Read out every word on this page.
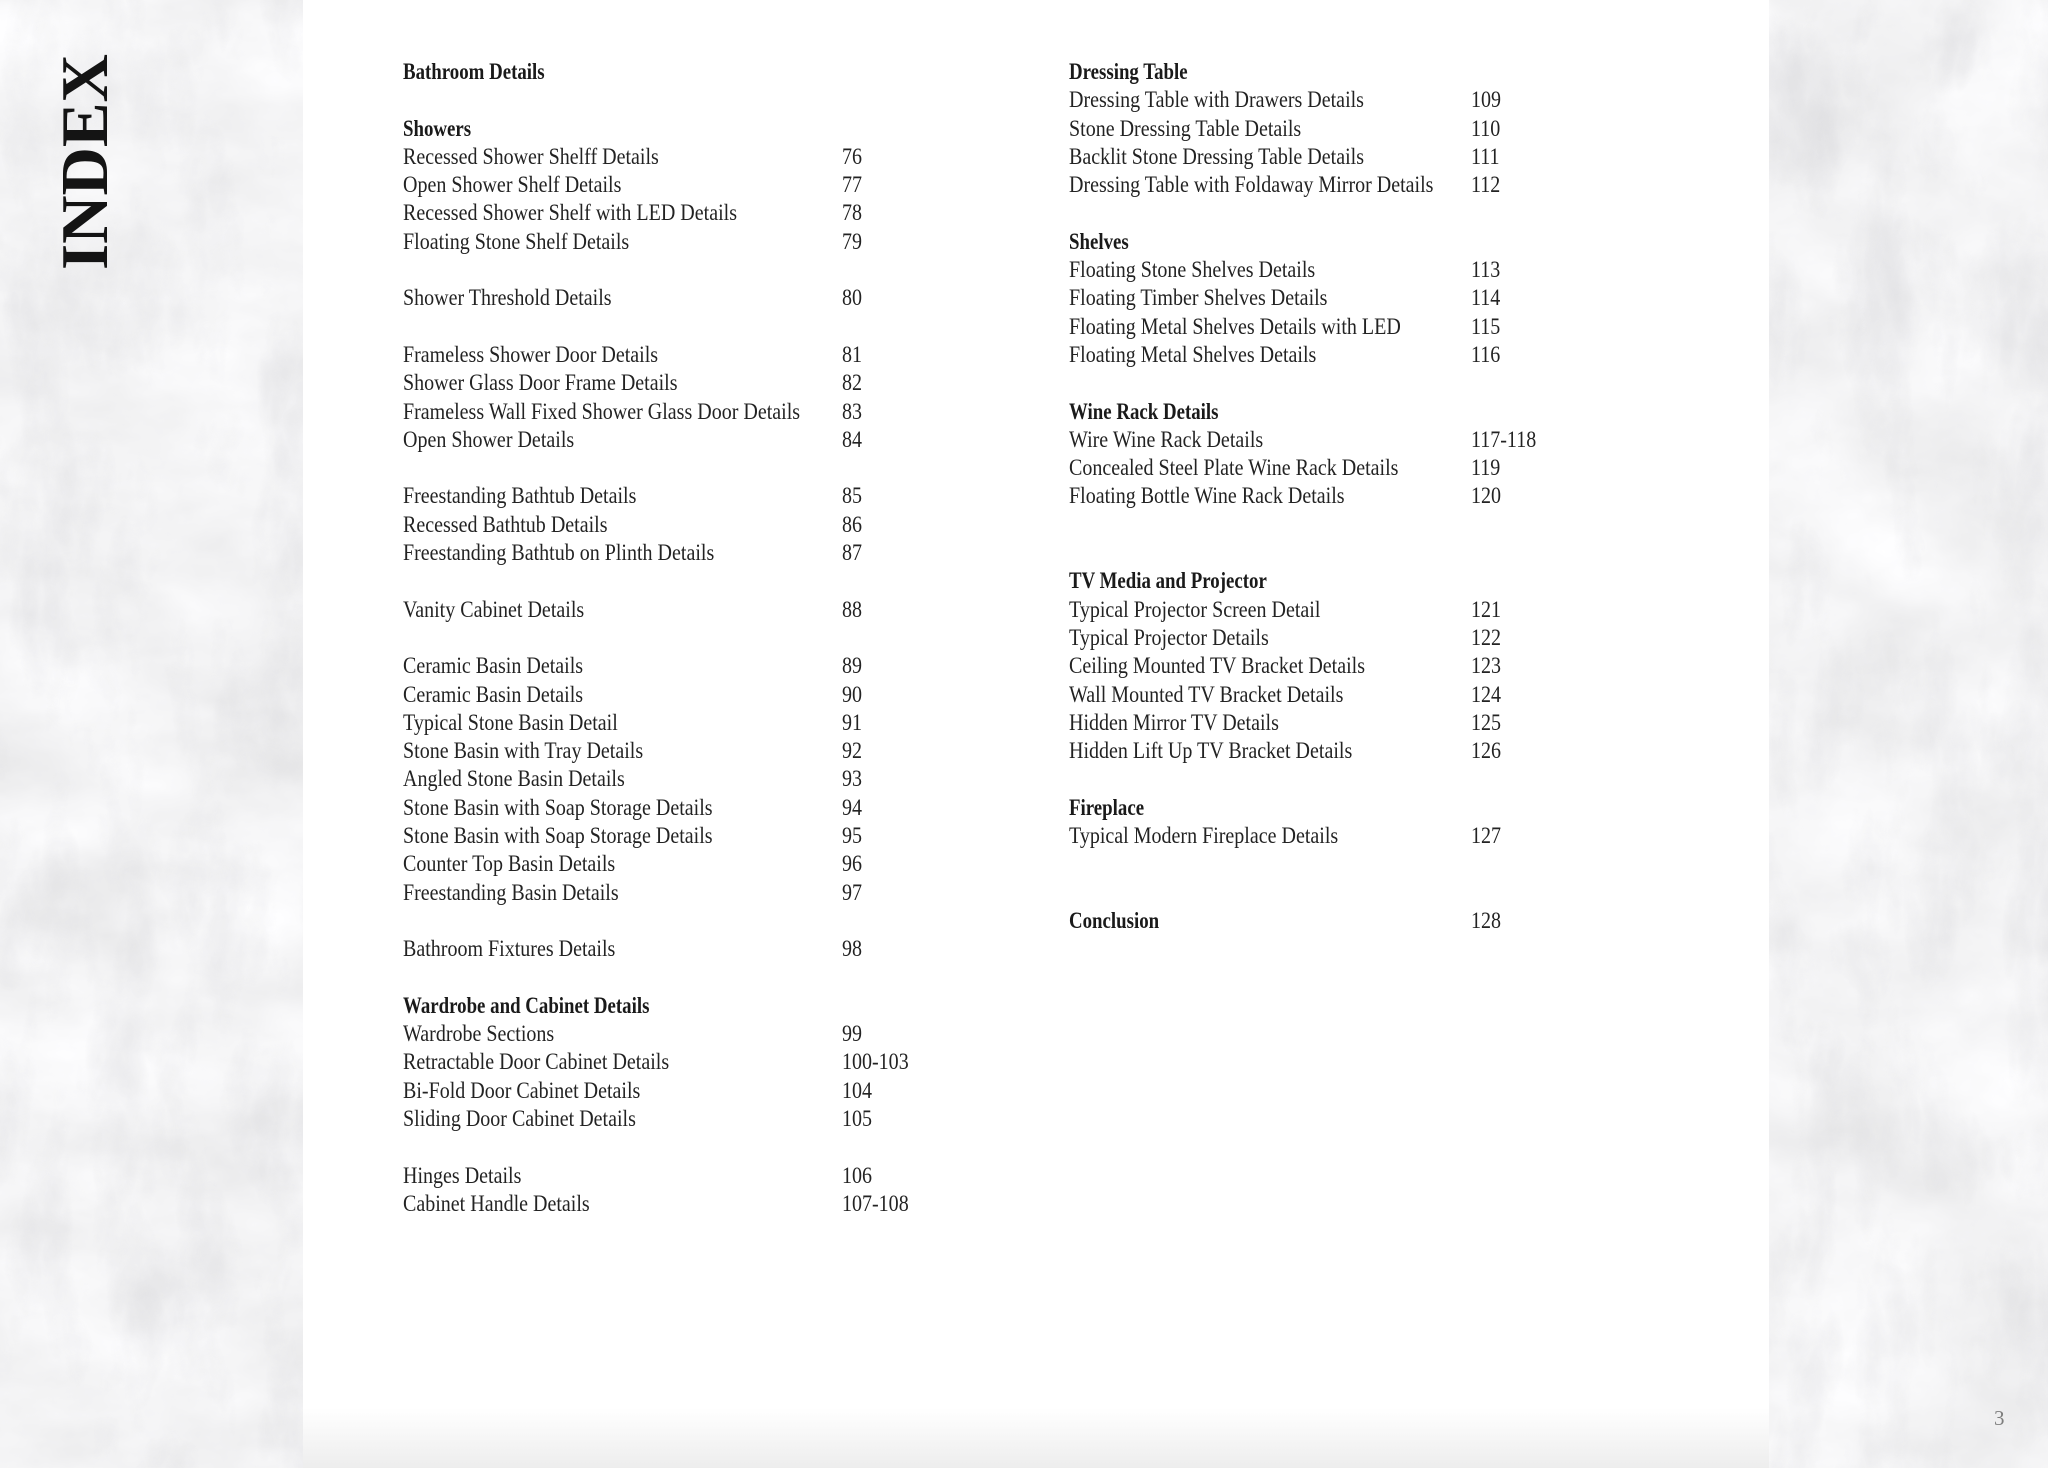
INDEX	Bathroom Details
Showers
Recessed Shower Shelff Details	76
Open Shower Shelf Details	77
Recessed Shower Shelf with LED Details	78
Floating Stone Shelf Details	79
Shower Threshold Details	80
Frameless Shower Door Details	81
Shower Glass Door Frame Details	82
Frameless Wall Fixed Shower Glass Door Details 83
Open Shower Details	84
Freestanding Bathtub Details	85
Recessed Bathtub Details	86
Freestanding Bathtub on Plinth Details	87
Vanity Cabinet Details	88
Ceramic Basin Details	89
Ceramic Basin Details	90
Typical Stone Basin Detail	91
Stone Basin with Tray Details	92
Angled Stone Basin Details	93
Stone Basin with Soap Storage Details	94
Stone Basin with Soap Storage Details	95
Counter Top Basin Details	96
Freestanding Basin Details	97
Bathroom Fixtures Details	98
Wardrobe and Cabinet Details
Wardrobe Sections	99
Retractable Door Cabinet Details	100-103
Bi-Fold Door Cabinet Details	104
Sliding Door Cabinet Details	105
Hinges Details	106
Cabinet Handle Details	107-108
Dressing Table
Dressing Table with Drawers Details	109
Stone Dressing Table Details	110
Backlit Stone Dressing Table Details	111
Dressing Table with Foldaway Mirror Details 112
Shelves
Floating Stone Shelves Details	113
Floating Timber Shelves Details	114
Floating Metal Shelves Details with LED	115
Floating Metal Shelves Details	116
Wine Rack Details
Wire Wine Rack Details	117-118
Concealed Steel Plate Wine Rack Details	119
Floating Bottle Wine Rack Details	120
TV Media and Projector
Typical Projector Screen Detail	121
Typical Projector Details	122
Ceiling Mounted TV Bracket Details	123
Wall Mounted TV Bracket Details	124
Hidden Mirror TV Details	125
Hidden Lift Up TV Bracket Details	126
Fireplace
Typical Modern Fireplace Details	127
Conclusion	128
3
